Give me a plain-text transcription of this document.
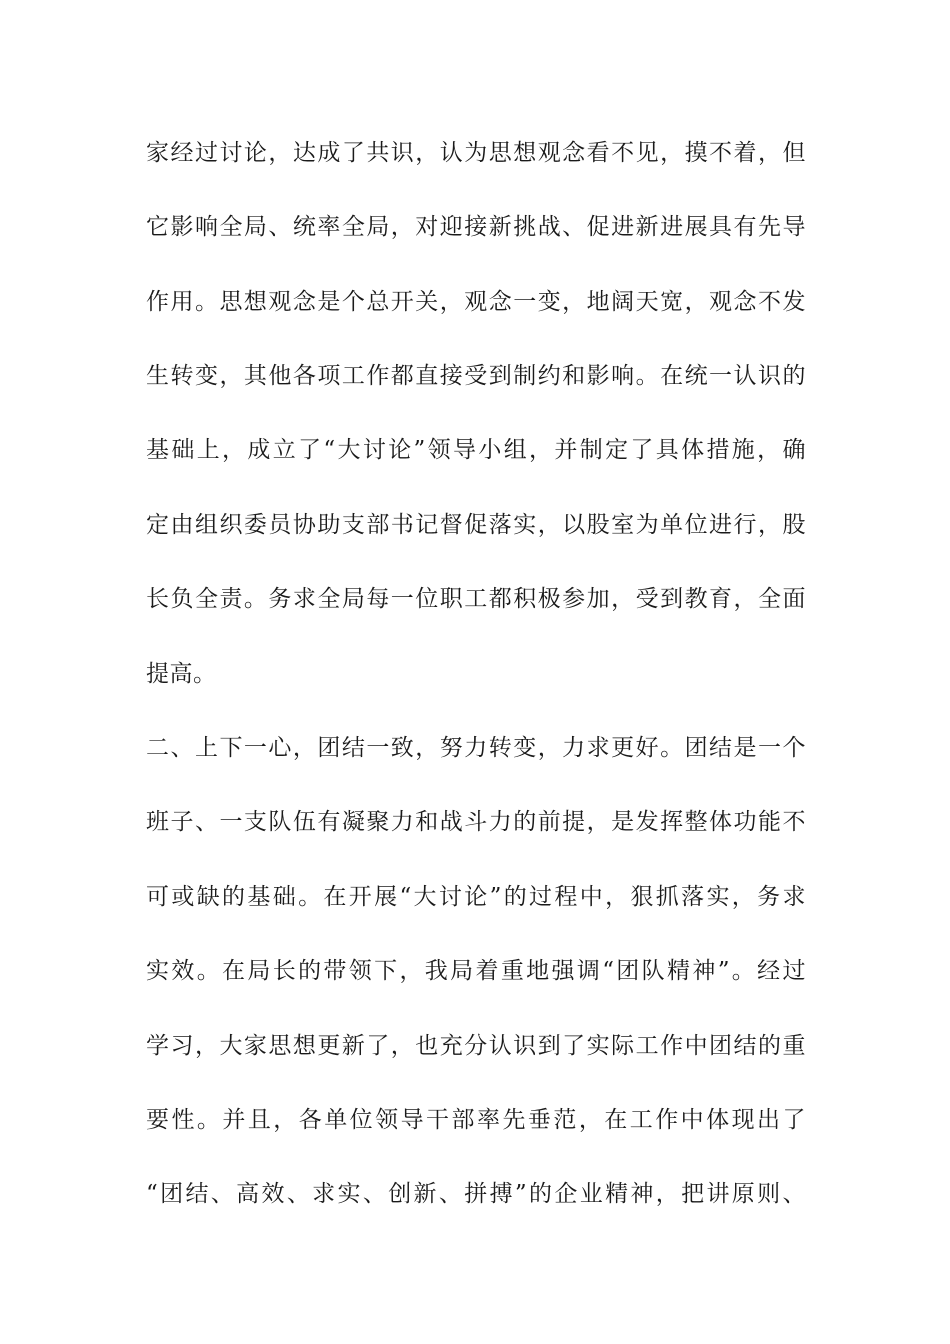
家经过讨论，达成了共识，认为思想观念看不见，摸不着，但
它影响全局、统率全局，对迎接新挑战、促进新进展具有先导
作用。思想观念是个总开关，观念一变，地阔天宽，观念不发
生转变，其他各项工作都直接受到制约和影响。在统一认识的
基础上，成立了“大讨论”领导小组，并制定了具体措施，确
定由组织委员协助支部书记督促落实，以股室为单位进行，股
长负全责。务求全局每一位职工都积极参加，受到教育，全面
提高。
二、上下一心，团结一致，努力转变，力求更好。团结是一个
班子、一支队伍有凝聚力和战斗力的前提，是发挥整体功能不
可或缺的基础。在开展“大讨论”的过程中，狠抓落实，务求
实效。在局长的带领下，我局着重地强调“团队精神”。经过
学习，大家思想更新了，也充分认识到了实际工作中团结的重
要性。并且，各单位领导干部率先垂范，在工作中体现出了
“团结、高效、求实、创新、拼搏”的企业精神，把讲原则、
